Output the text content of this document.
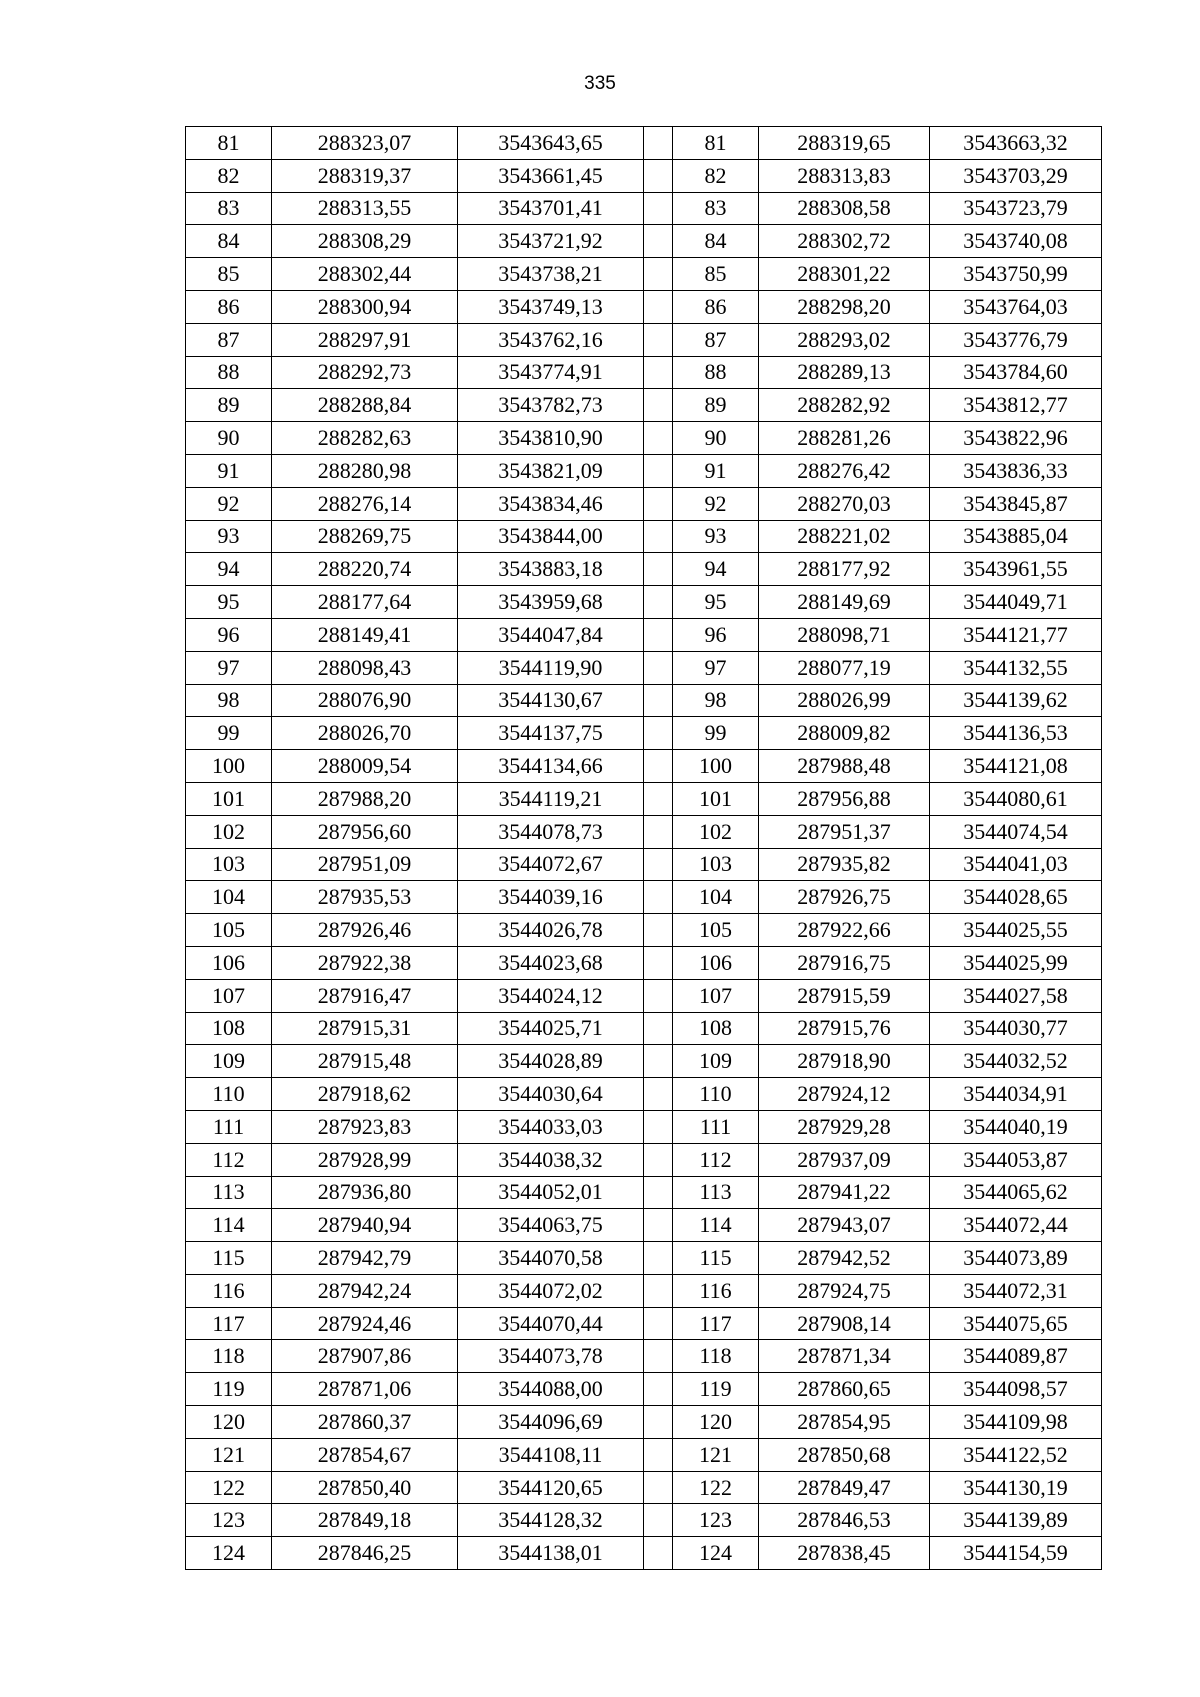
335
81	288323,07	3543643,65		81	288319,65	3543663,32
82	288319,37	3543661,45		82	288313,83	3543703,29
83	288313,55	3543701,41		83	288308,58	3543723,79
84	288308,29	3543721,92		84	288302,72	3543740,08
85	288302,44	3543738,21		85	288301,22	3543750,99
86	288300,94	3543749,13		86	288298,20	3543764,03
87	288297,91	3543762,16		87	288293,02	3543776,79
88	288292,73	3543774,91		88	288289,13	3543784,60
89	288288,84	3543782,73		89	288282,92	3543812,77
90	288282,63	3543810,90		90	288281,26	3543822,96
91	288280,98	3543821,09		91	288276,42	3543836,33
92	288276,14	3543834,46		92	288270,03	3543845,87
93	288269,75	3543844,00		93	288221,02	3543885,04
94	288220,74	3543883,18		94	288177,92	3543961,55
95	288177,64	3543959,68		95	288149,69	3544049,71
96	288149,41	3544047,84		96	288098,71	3544121,77
97	288098,43	3544119,90		97	288077,19	3544132,55
98	288076,90	3544130,67		98	288026,99	3544139,62
99	288026,70	3544137,75		99	288009,82	3544136,53
100	288009,54	3544134,66		100	287988,48	3544121,08
101	287988,20	3544119,21		101	287956,88	3544080,61
102	287956,60	3544078,73		102	287951,37	3544074,54
103	287951,09	3544072,67		103	287935,82	3544041,03
104	287935,53	3544039,16		104	287926,75	3544028,65
105	287926,46	3544026,78		105	287922,66	3544025,55
106	287922,38	3544023,68		106	287916,75	3544025,99
107	287916,47	3544024,12		107	287915,59	3544027,58
108	287915,31	3544025,71		108	287915,76	3544030,77
109	287915,48	3544028,89		109	287918,90	3544032,52
110	287918,62	3544030,64		110	287924,12	3544034,91
111	287923,83	3544033,03		111	287929,28	3544040,19
112	287928,99	3544038,32		112	287937,09	3544053,87
113	287936,80	3544052,01		113	287941,22	3544065,62
114	287940,94	3544063,75		114	287943,07	3544072,44
115	287942,79	3544070,58		115	287942,52	3544073,89
116	287942,24	3544072,02		116	287924,75	3544072,31
117	287924,46	3544070,44		117	287908,14	3544075,65
118	287907,86	3544073,78		118	287871,34	3544089,87
119	287871,06	3544088,00		119	287860,65	3544098,57
120	287860,37	3544096,69		120	287854,95	3544109,98
121	287854,67	3544108,11		121	287850,68	3544122,52
122	287850,40	3544120,65		122	287849,47	3544130,19
123	287849,18	3544128,32		123	287846,53	3544139,89
124	287846,25	3544138,01		124	287838,45	3544154,59
